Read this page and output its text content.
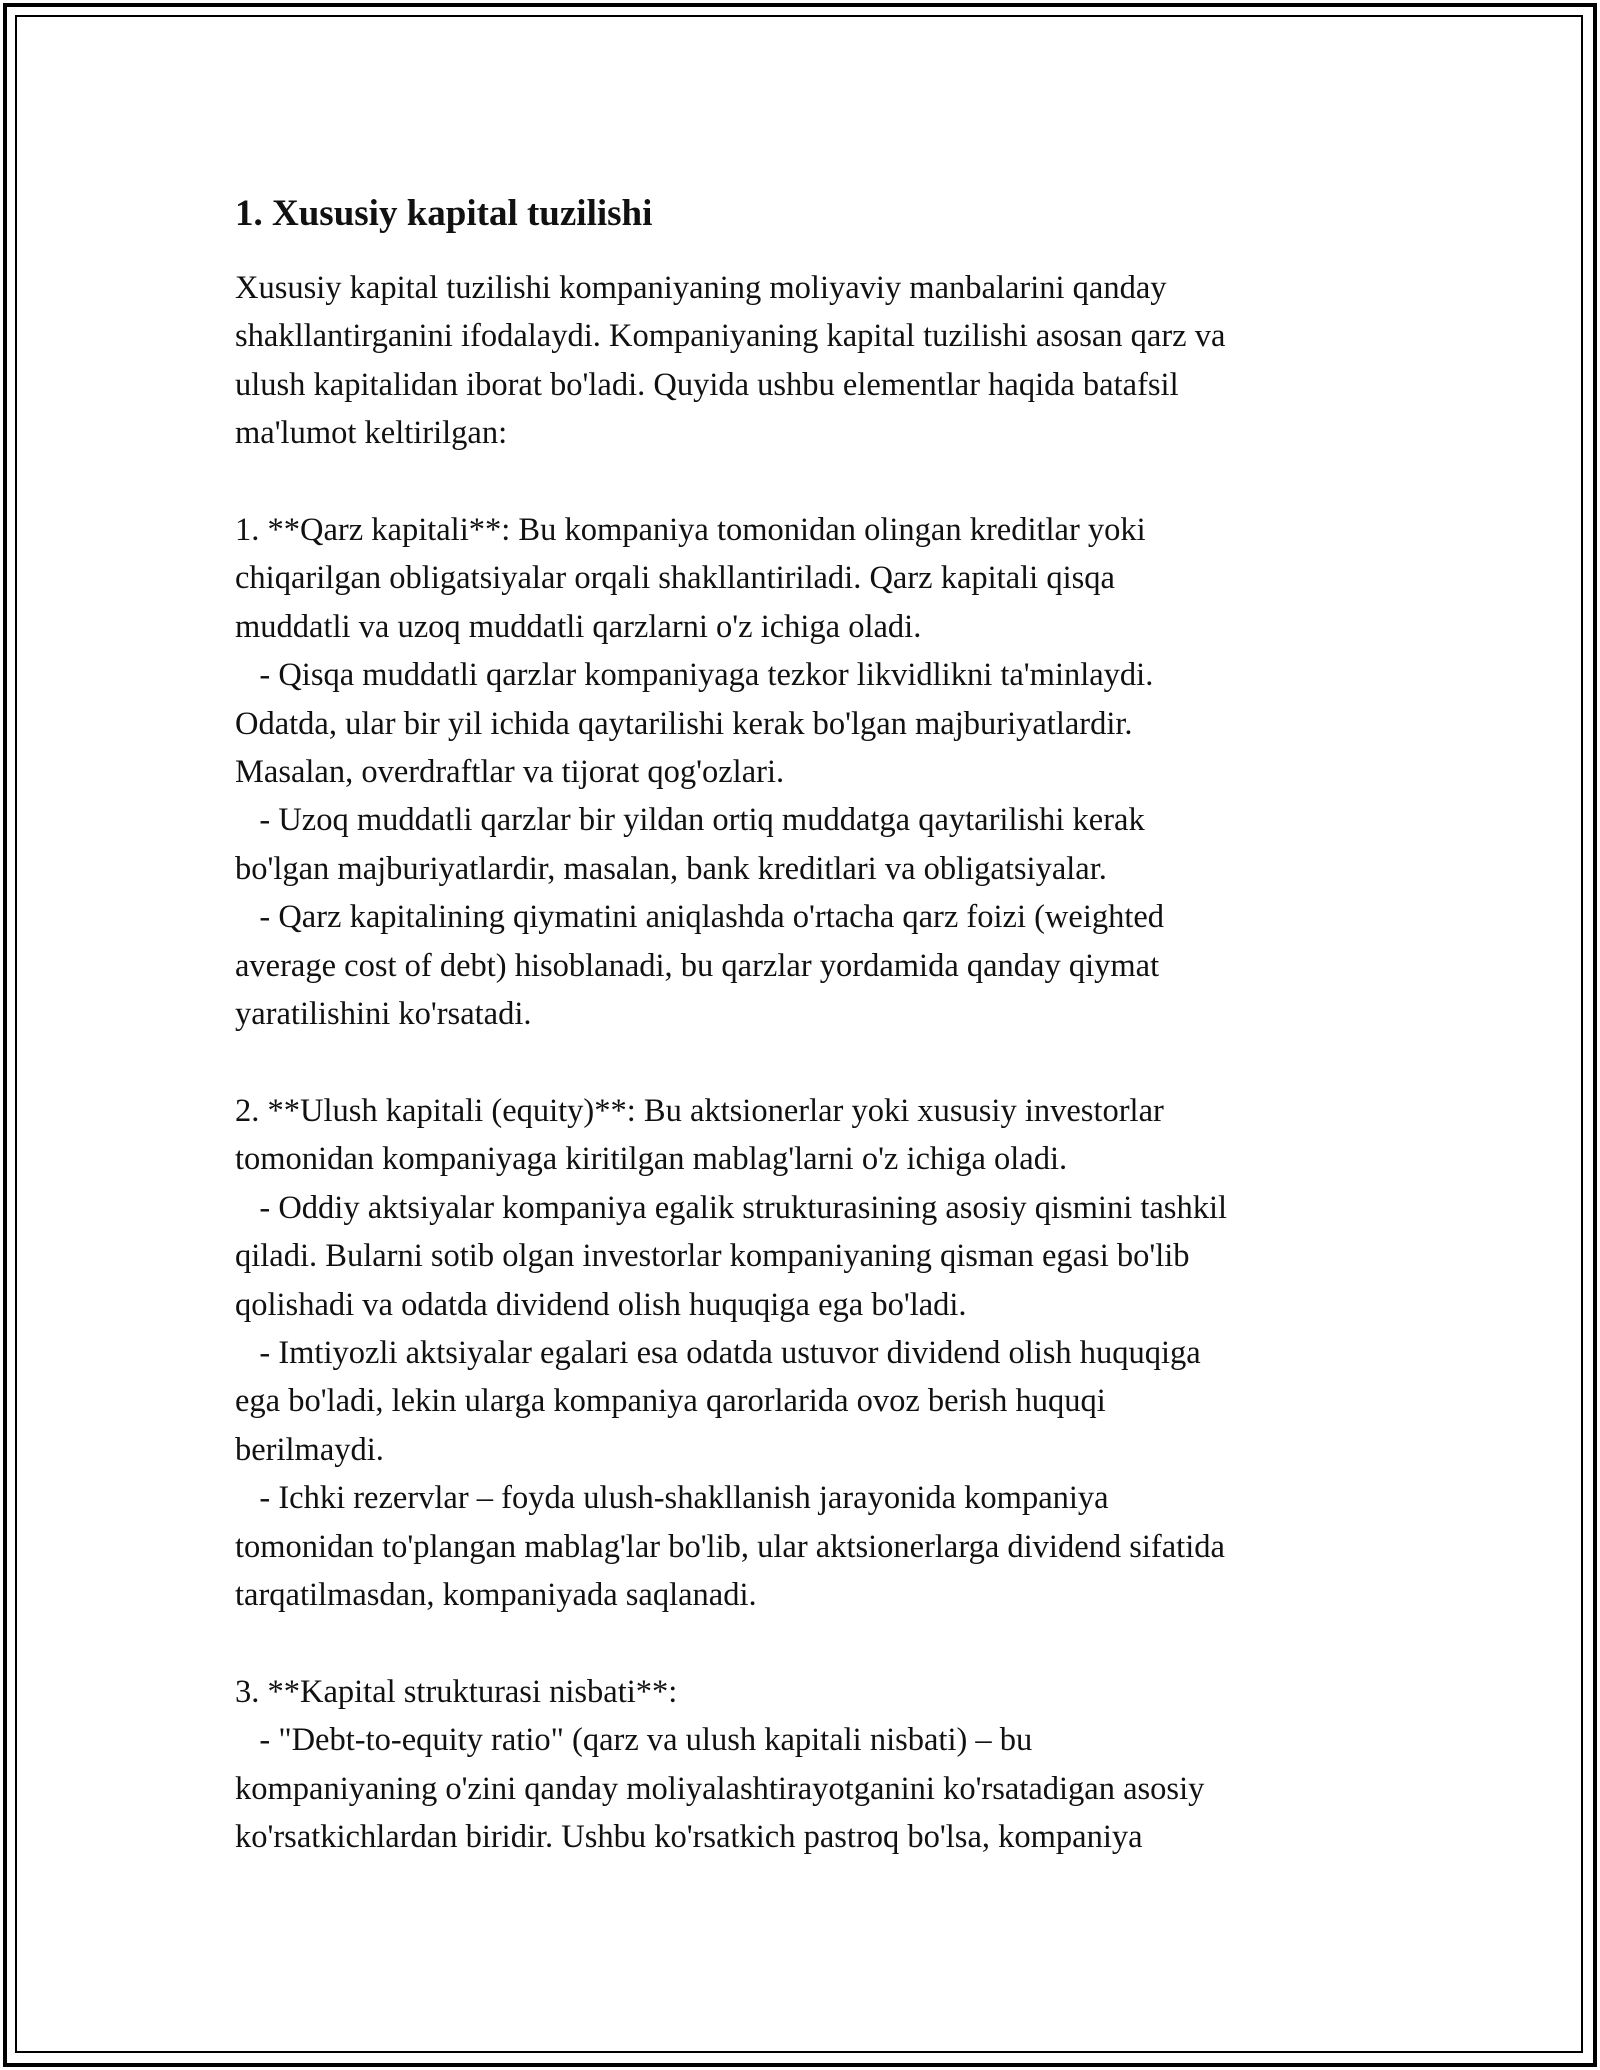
1. Xususiy kapital tuzilishi

Xususiy kapital tuzilishi kompaniyaning moliyaviy manbalarini qanday
shakllantirganini ifodalaydi. Kompaniyaning kapital tuzilishi asosan qarz va
ulush kapitalidan iborat bo'ladi. Quyida ushbu elementlar haqida batafsil
ma'lumot keltirilgan:

1. **Qarz kapitali**: Bu kompaniya tomonidan olingan kreditlar yoki
chiqarilgan obligatsiyalar orqali shakllantiriladi. Qarz kapitali qisqa
muddatli va uzoq muddatli qarzlarni o'z ichiga oladi.
- Qisqa muddatli qarzlar kompaniyaga tezkor likvidlikni ta'minlaydi.
Odatda, ular bir yil ichida qaytarilishi kerak bo'lgan majburiyatlardir.
Masalan, overdraftlar va tijorat qog'ozlari.
- Uzoq muddatli qarzlar bir yildan ortiq muddatga qaytarilishi kerak
bo'lgan majburiyatlardir, masalan, bank kreditlari va obligatsiyalar.
- Qarz kapitalining qiymatini aniqlashda o'rtacha qarz foizi (weighted
average cost of debt) hisoblanadi, bu qarzlar yordamida qanday qiymat
yaratilishini ko'rsatadi.

2. **Ulush kapitali (equity)**: Bu aktsionerlar yoki xususiy investorlar
tomonidan kompaniyaga kiritilgan mablag'larni o'z ichiga oladi.
- Oddiy aktsiyalar kompaniya egalik strukturasining asosiy qismini tashkil
qiladi. Bularni sotib olgan investorlar kompaniyaning qisman egasi bo'lib
qolishadi va odatda dividend olish huquqiga ega bo'ladi.
- Imtiyozli aktsiyalar egalari esa odatda ustuvor dividend olish huquqiga
ega bo'ladi, lekin ularga kompaniya qarorlarida ovoz berish huquqi
berilmaydi.
- Ichki rezervlar – foyda ulush-shakllanish jarayonida kompaniya
tomonidan to'plangan mablag'lar bo'lib, ular aktsionerlarga dividend sifatida
tarqatilmasdan, kompaniyada saqlanadi.

3. **Kapital strukturasi nisbati**:
- "Debt-to-equity ratio" (qarz va ulush kapitali nisbati) – bu
kompaniyaning o'zini qanday moliyalashtirayotganini ko'rsatadigan asosiy
ko'rsatkichlardan biridir. Ushbu ko'rsatkich pastroq bo'lsa, kompaniya
